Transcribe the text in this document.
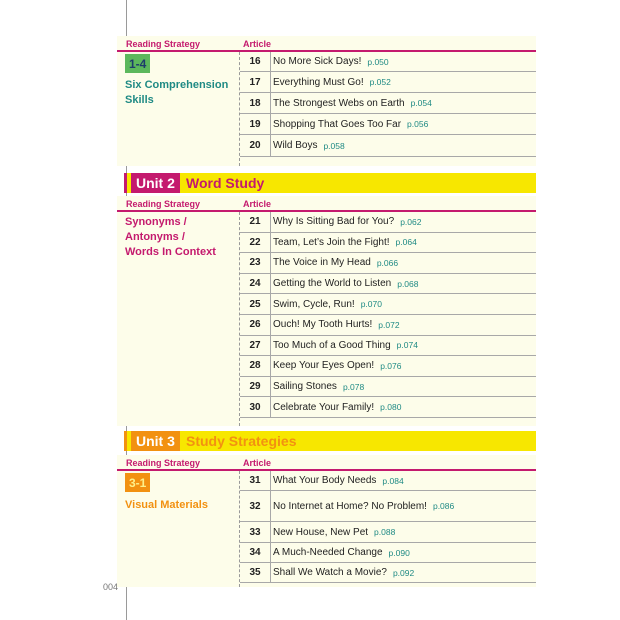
Reading Strategy	Article
1-4
Six Comprehension
Skills
16	No More Sick Days! p.050
17	Everything Must Go! p.052
18	The Strongest Webs on Earth p.054
19	Shopping That Goes Too Far p.056
20	Wild Boys p.058
Unit 2 Word Study
Reading Strategy	Article
Synonyms /
Antonyms /
Words In Context
21	Why Is Sitting Bad for You? p.062
22	Team, Let’s Join the Fight! p.064
23	The Voice in My Head p.066
24	Getting the World to Listen p.068
25	Swim, Cycle, Run! p.070
26	Ouch! My Tooth Hurts! p.072
27	Too Much of a Good Thing p.074
28	Keep Your Eyes Open! p.076
29	Sailing Stones p.078
30	Celebrate Your Family! p.080
Unit 3 Study Strategies
Reading Strategy	Article
3-1
Visual Materials
31	What Your Body Needs p.084
32	No Internet at Home? No Problem! p.086
33	New House, New Pet p.088
34	A Much-Needed Change p.090
35	Shall We Watch a Movie? p.092
004
